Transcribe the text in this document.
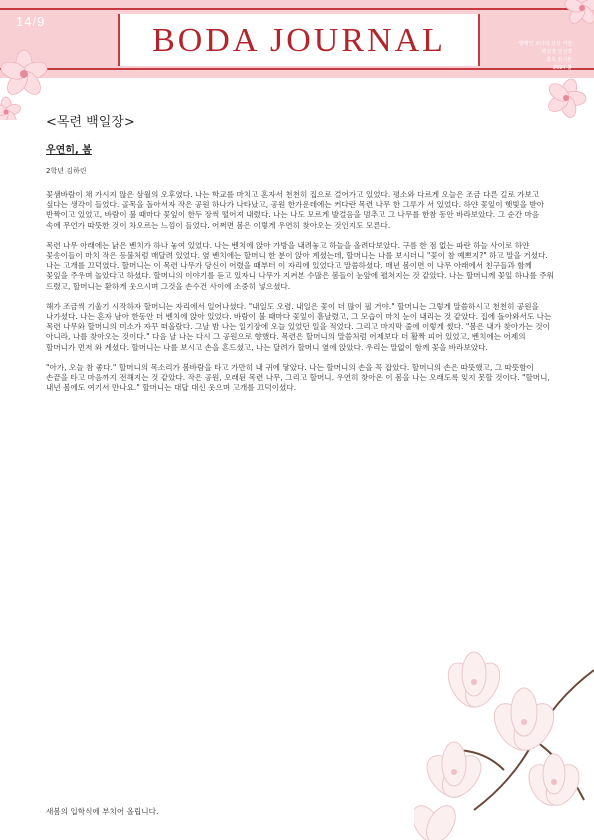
14/9
BODA JOURNAL	발행인 보다의 상상 저널
백일장 당선작
봄호 읽기본
2024 봄
<목련 백일장>
우연히, 봄
2학년 김하린

꽃샘바람이 채 가시지 않은 삼월의 오후였다. 나는 학교를 마치고 혼자서 천천히 집으로 걸어가고 있었다. 평소와 다르게 오늘은 조금 다른 길로 가보고 싶다는 생각이 들었다. 골목을 돌아서자 작은 공원 하나가 나타났고, 공원 한가운데에는 커다란 목련 나무 한 그루가 서 있었다. 하얀 꽃잎이 햇빛을 받아 반짝이고 있었고, 바람이 불 때마다 꽃잎이 한두 장씩 떨어져 내렸다. 나는 나도 모르게 발걸음을 멈추고 그 나무를 한참 동안 바라보았다. 그 순간 마음 속에 무언가 따뜻한 것이 차오르는 느낌이 들었다. 어쩌면 봄은 이렇게 우연히 찾아오는 것인지도 모른다.

목련 나무 아래에는 낡은 벤치가 하나 놓여 있었다. 나는 벤치에 앉아 가방을 내려놓고 하늘을 올려다보았다. 구름 한 점 없는 파란 하늘 사이로 하얀 꽃송이들이 마치 작은 등불처럼 매달려 있었다. 옆 벤치에는 할머니 한 분이 앉아 계셨는데, 할머니는 나를 보시더니 "꽃이 참 예쁘지?" 하고 말을 거셨다. 나는 고개를 끄덕였다. 할머니는 이 목련 나무가 당신이 어렸을 때부터 이 자리에 있었다고 말씀하셨다. 매년 봄이면 이 나무 아래에서 친구들과 함께 꽃잎을 주우며 놀았다고 하셨다. 할머니의 이야기를 듣고 있자니 나무가 지켜본 수많은 봄들이 눈앞에 펼쳐지는 것 같았다. 나는 할머니께 꽃잎 하나를 주워 드렸고, 할머니는 환하게 웃으시며 그것을 손수건 사이에 소중히 넣으셨다.

해가 조금씩 기울기 시작하자 할머니는 자리에서 일어나셨다. "내일도 오렴. 내일은 꽃이 더 많이 필 거야." 할머니는 그렇게 말씀하시고 천천히 공원을 나가셨다. 나는 혼자 남아 한동안 더 벤치에 앉아 있었다. 바람이 불 때마다 꽃잎이 흩날렸고, 그 모습이 마치 눈이 내리는 것 같았다. 집에 돌아와서도 나는 목련 나무와 할머니의 미소가 자꾸 떠올랐다. 그날 밤 나는 일기장에 오늘 있었던 일을 적었다. 그리고 마지막 줄에 이렇게 썼다. "봄은 내가 찾아가는 것이 아니라, 나를 찾아오는 것이다." 다음 날 나는 다시 그 공원으로 향했다. 목련은 할머니의 말씀처럼 어제보다 더 활짝 피어 있었고, 벤치에는 어제의 할머니가 먼저 와 계셨다. 할머니는 나를 보시고 손을 흔드셨고, 나는 달려가 할머니 옆에 앉았다. 우리는 말없이 함께 꽃을 바라보았다.

"아가, 오늘 참 좋다." 할머니의 목소리가 봄바람을 타고 가만히 내 귀에 닿았다. 나는 할머니의 손을 꼭 잡았다. 할머니의 손은 따뜻했고, 그 따뜻함이 손끝을 타고 마음까지 전해지는 것 같았다. 작은 공원, 오래된 목련 나무, 그리고 할머니. 우연히 찾아온 이 봄을 나는 오래도록 잊지 못할 것이다. "할머니, 내년 봄에도 여기서 만나요." 할머니는 대답 대신 웃으며 고개를 끄덕이셨다.

새봄의 입학식에 부치어 올립니다.
